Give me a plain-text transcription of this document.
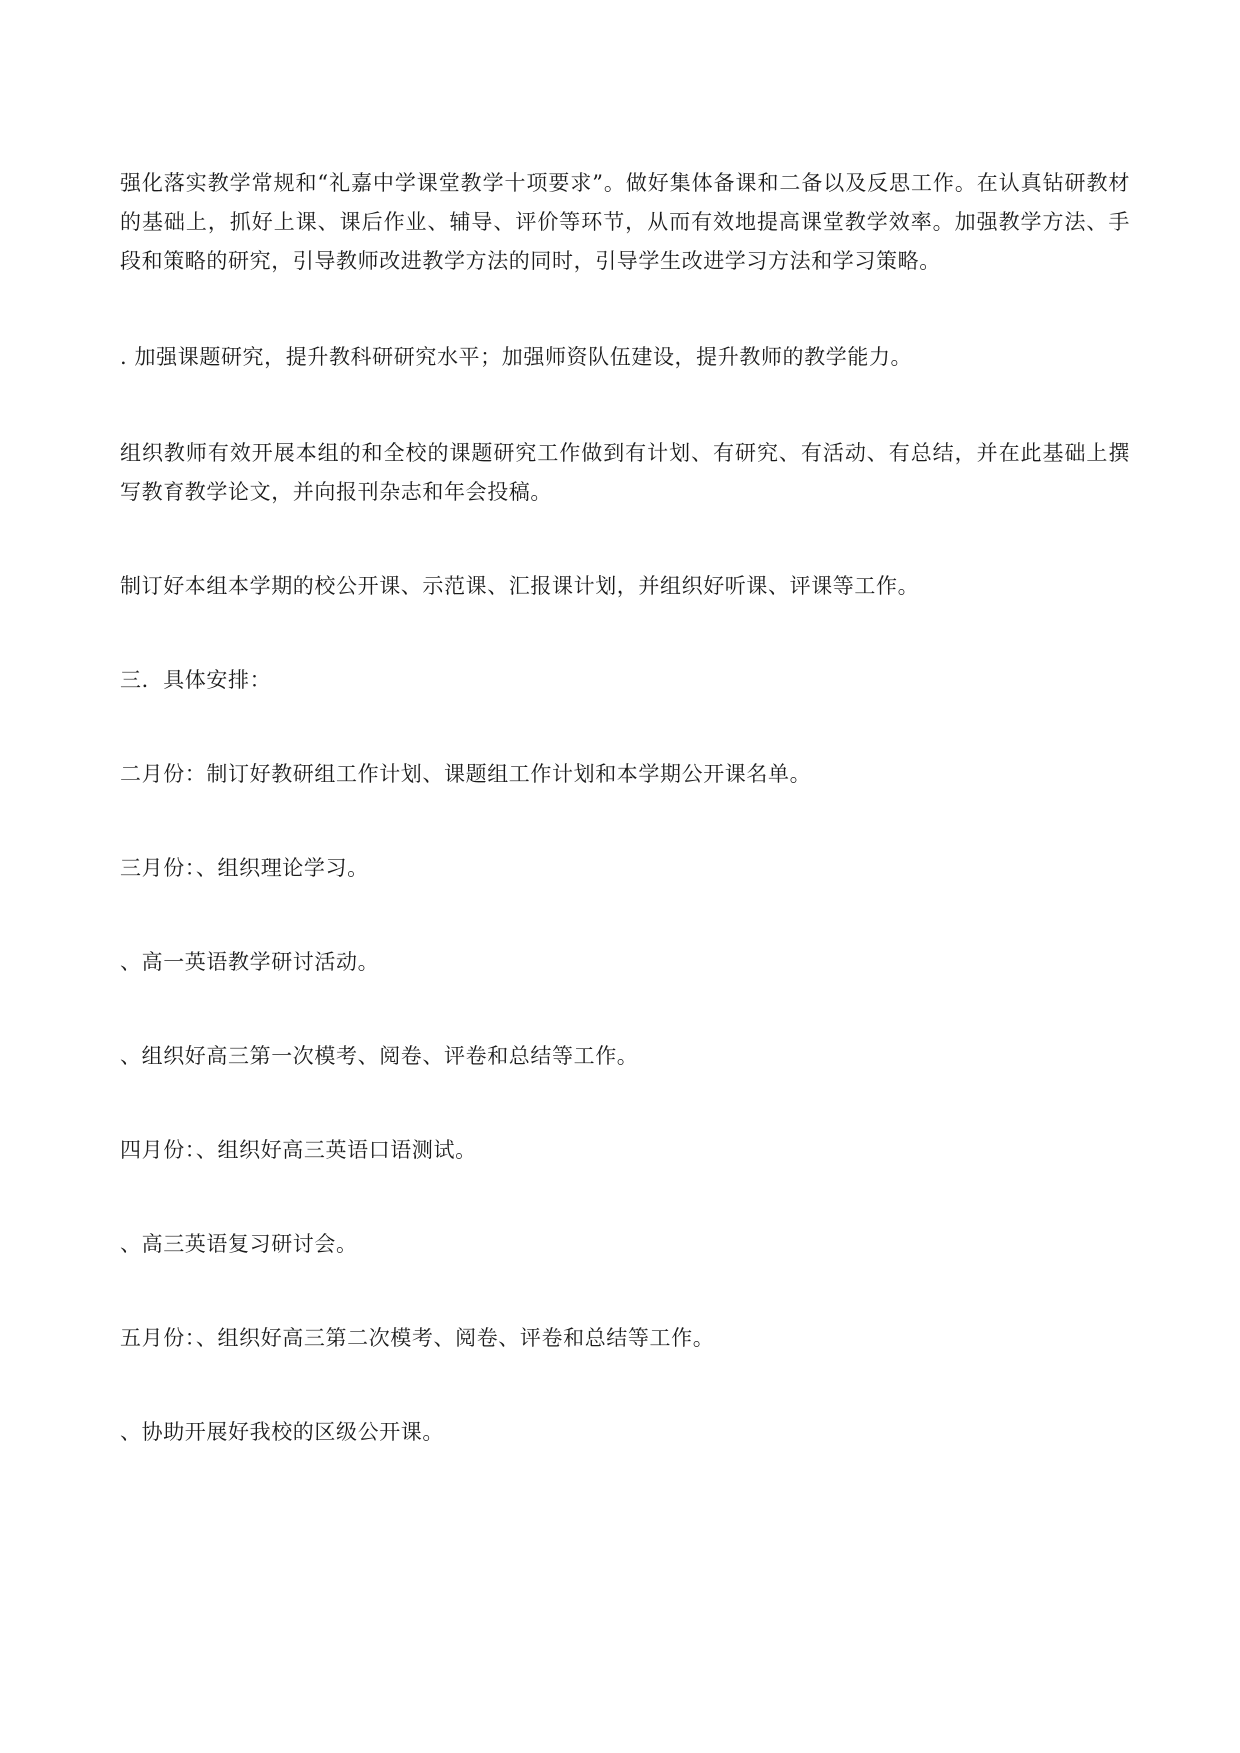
强化落实教学常规和“礼嘉中学课堂教学十项要求”。做好集体备课和二备以及反思工作。在认真钻研教材的基础上，抓好上课、课后作业、辅导、评价等环节，从而有效地提高课堂教学效率。加强教学方法、手段和策略的研究，引导教师改进教学方法的同时，引导学生改进学习方法和学习策略。

. 加强课题研究，提升教科研研究水平；加强师资队伍建设，提升教师的教学能力。

组织教师有效开展本组的和全校的课题研究工作做到有计划、有研究、有活动、有总结，并在此基础上撰写教育教学论文，并向报刊杂志和年会投稿。

制订好本组本学期的校公开课、示范课、汇报课计划，并组织好听课、评课等工作。

三．具体安排：

二月份：制订好教研组工作计划、课题组工作计划和本学期公开课名单。

三月份：、组织理论学习。

、高一英语教学研讨活动。

、组织好高三第一次模考、阅卷、评卷和总结等工作。

四月份：、组织好高三英语口语测试。

、高三英语复习研讨会。

五月份：、组织好高三第二次模考、阅卷、评卷和总结等工作。

、协助开展好我校的区级公开课。
